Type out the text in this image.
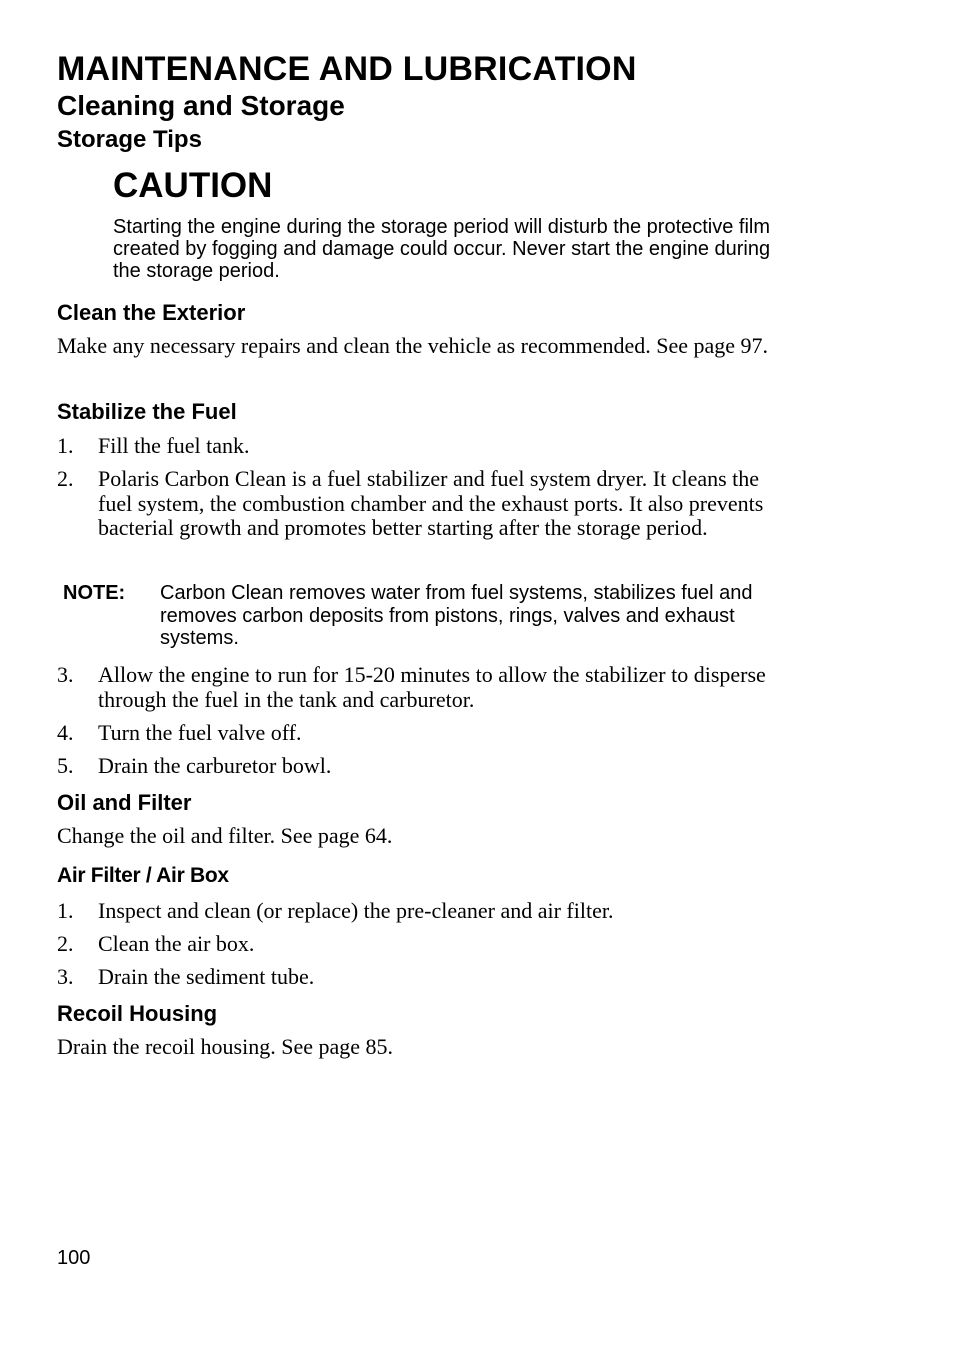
MAINTENANCE AND LUBRICATION
Cleaning and Storage
Storage Tips
CAUTION

Starting the engine during the storage period will disturb the protective film created by fogging and damage could occur. Never start the engine during the storage period.

Clean the Exterior

Make any necessary repairs and clean the vehicle as recommended. See page 97.

Stabilize the Fuel
1. Fill the fuel tank.
2. Polaris Carbon Clean is a fuel stabilizer and fuel system dryer. It cleans the fuel system, the combustion chamber and the exhaust ports. It also prevents bacterial growth and promotes better starting after the storage period.
NOTE: Carbon Clean removes water from fuel systems, stabilizes fuel and removes carbon deposits from pistons, rings, valves and exhaust systems.
3. Allow the engine to run for 15-20 minutes to allow the stabilizer to disperse through the fuel in the tank and carburetor.
4. Turn the fuel valve off.
5. Drain the carburetor bowl.
Oil and Filter

Change the oil and filter. See page 64.

Air Filter / Air Box
1. Inspect and clean (or replace) the pre-cleaner and air filter.
2. Clean the air box.
3. Drain the sediment tube.
Recoil Housing

Drain the recoil housing. See page 85.

100
